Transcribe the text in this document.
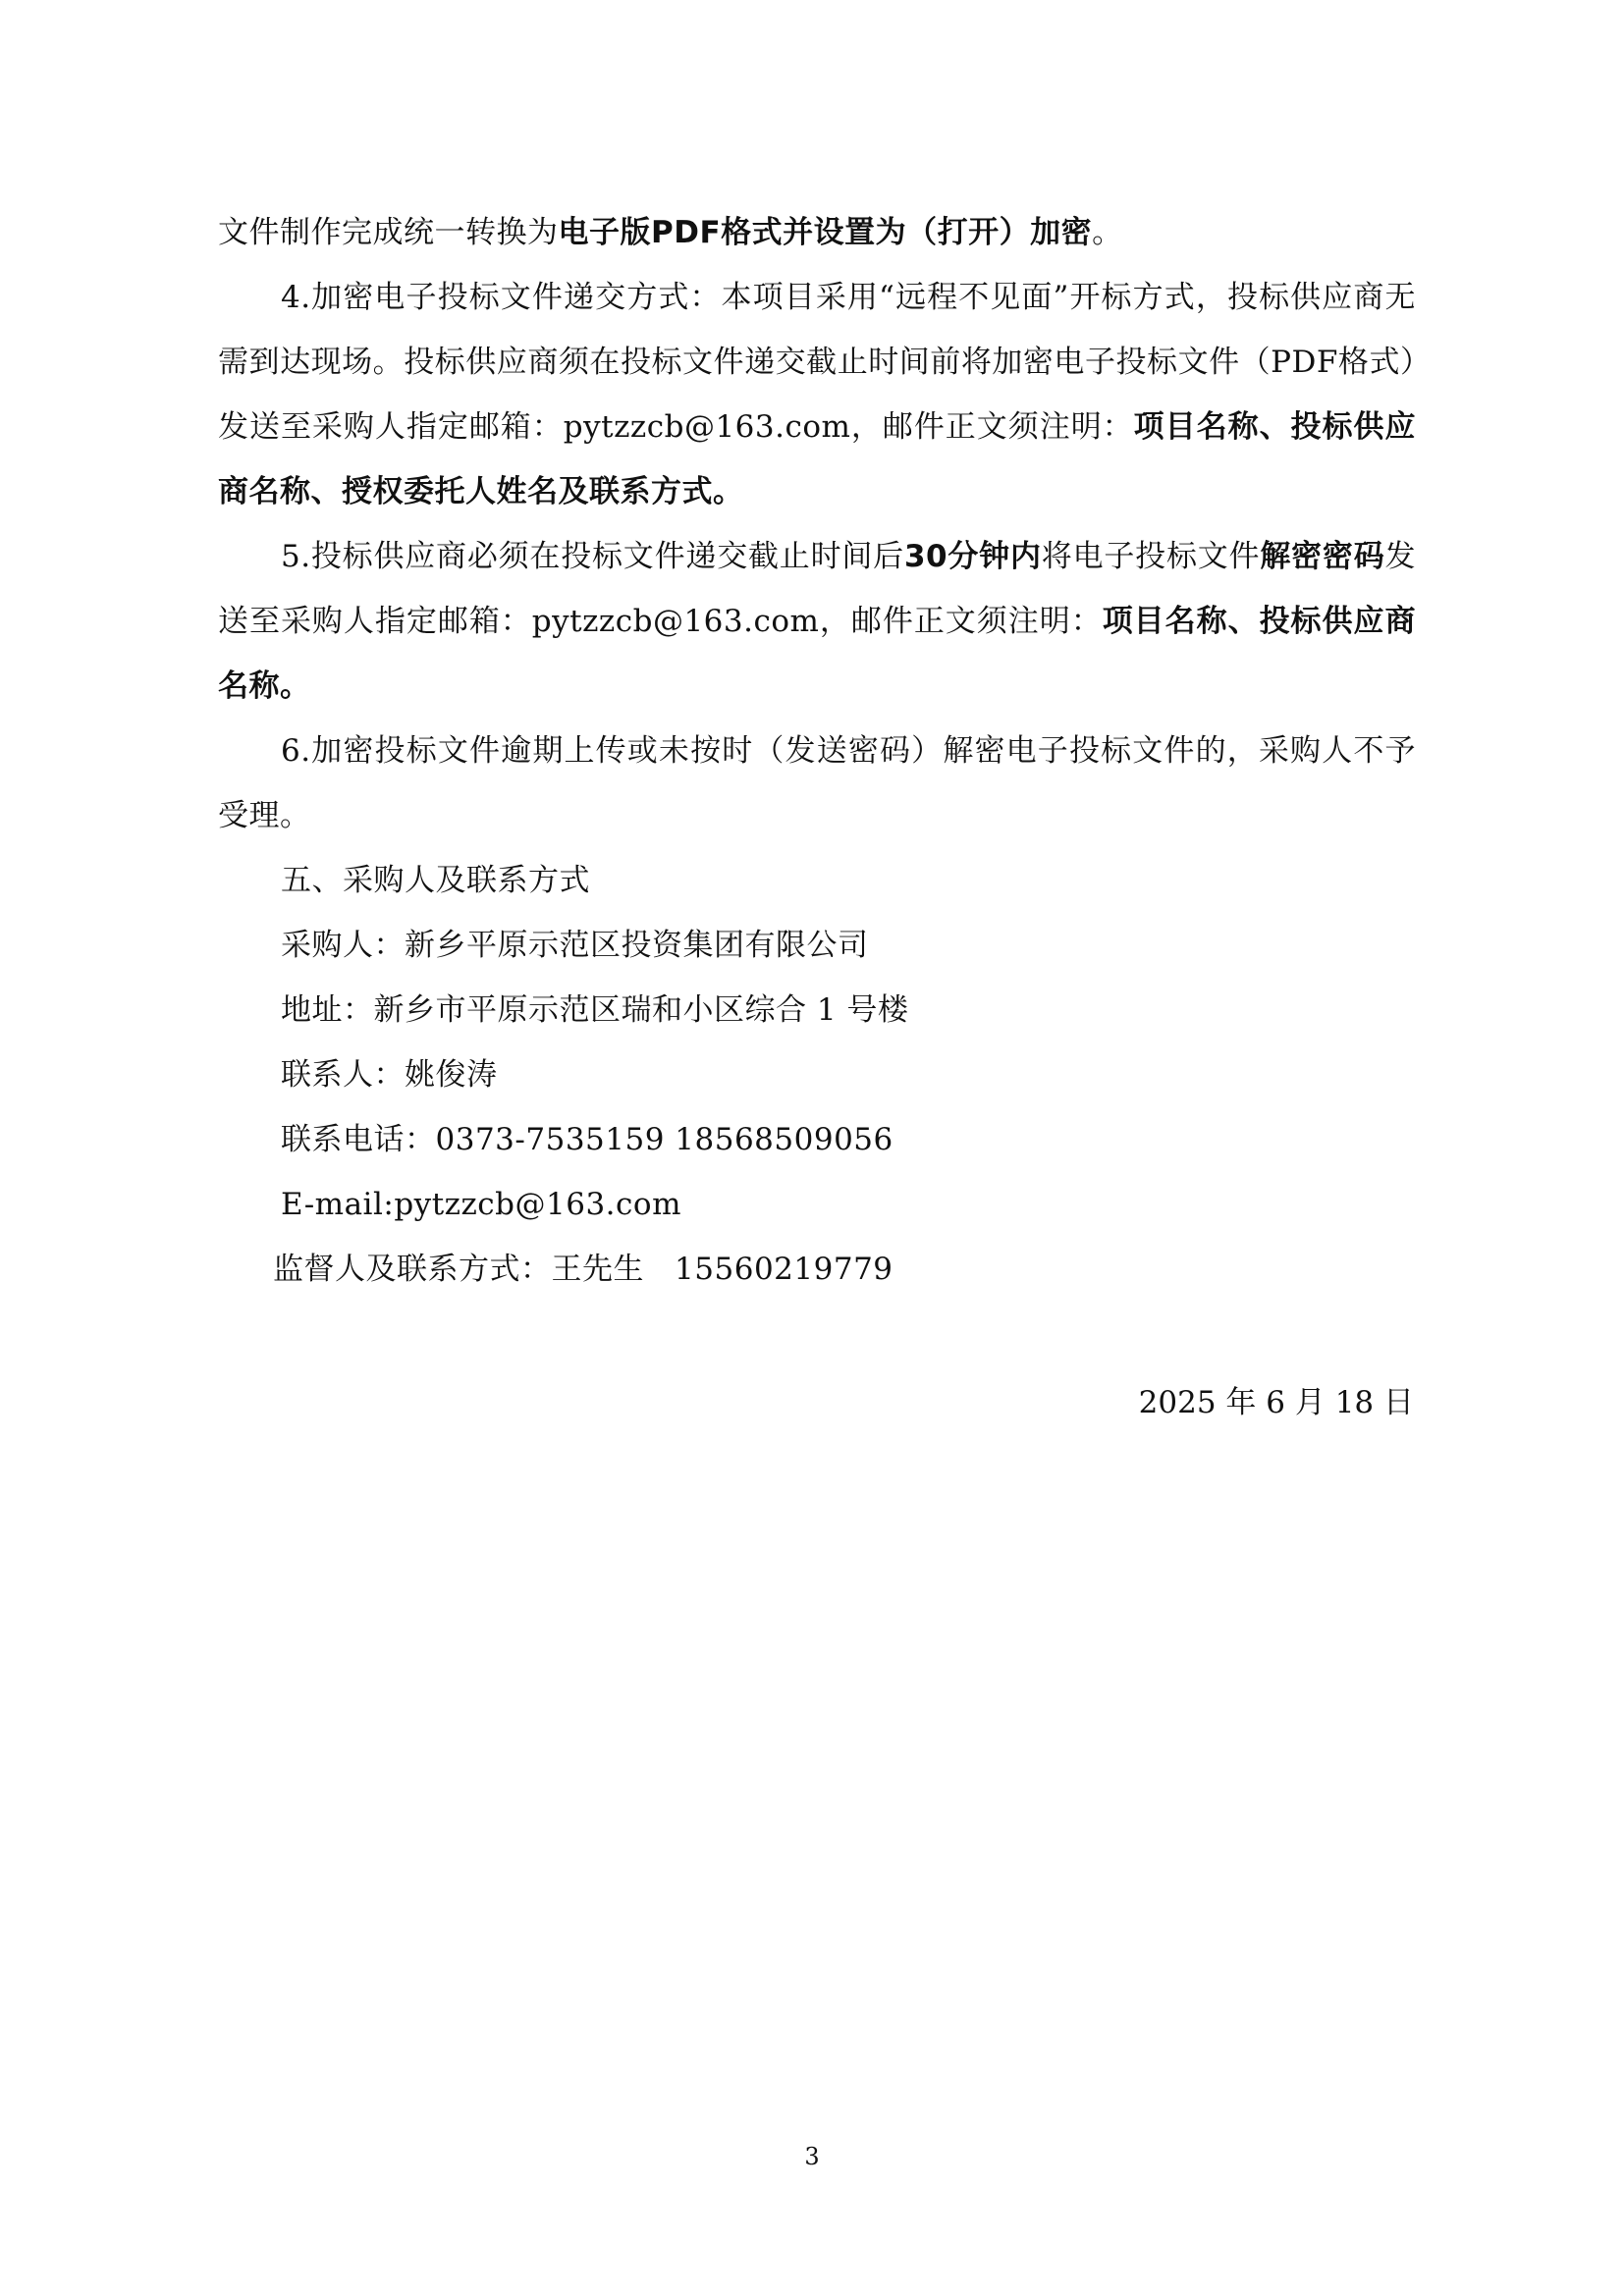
文件制作完成统一转换为电子版PDF格式并设置为（打开）加密。

4.加密电子投标文件递交方式：本项目采用“远程不见面”开标方式，投标供应商无需到达现场。投标供应商须在投标文件递交截止时间前将加密电子投标文件（PDF格式）发送至采购人指定邮箱：pytzzcb@163.com，邮件正文须注明：项目名称、投标供应商名称、授权委托人姓名及联系方式。

5.投标供应商必须在投标文件递交截止时间后30分钟内将电子投标文件解密密码发送至采购人指定邮箱：pytzzcb@163.com，邮件正文须注明：项目名称、投标供应商名称。

6.加密投标文件逾期上传或未按时（发送密码）解密电子投标文件的，采购人不予受理。

五、采购人及联系方式

采购人：新乡平原示范区投资集团有限公司

地址：新乡市平原示范区瑞和小区综合 1 号楼

联系人：姚俊涛

联系电话：0373-7535159 18568509056

E-mail:pytzzcb@163.com

监督人及联系方式：王先生   15560219779

2025 年 6 月 18 日
3
